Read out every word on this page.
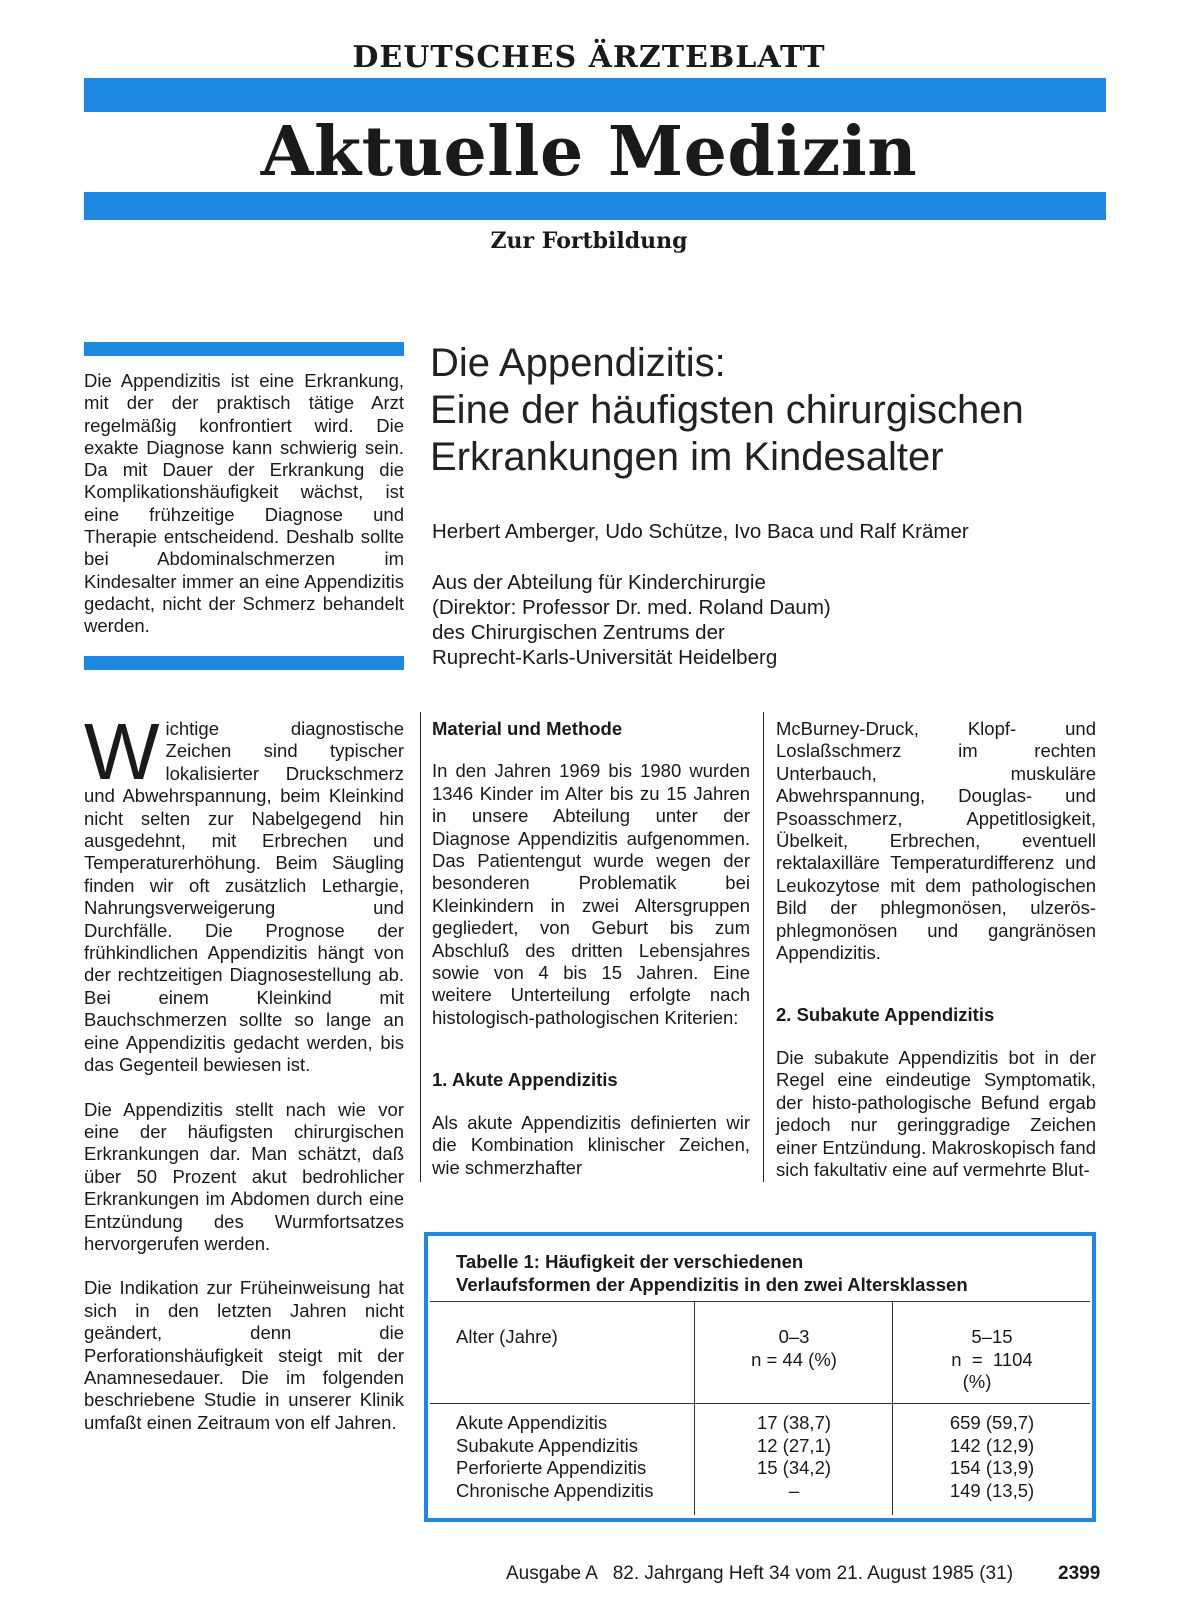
DEUTSCHES ÄRZTEBLATT
Aktuelle Medizin
Zur Fortbildung
Die Appendizitis ist eine Erkrankung, mit der der praktisch tätige Arzt regelmäßig konfrontiert wird. Die exakte Diagnose kann schwierig sein. Da mit Dauer der Erkrankung die Komplikationshäufigkeit wächst, ist eine frühzeitige Diagnose und Therapie entscheidend. Deshalb sollte bei Abdominalschmerzen im Kindesalter immer an eine Appendizitis gedacht, nicht der Schmerz behandelt werden.
Die Appendizitis:
Eine der häufigsten chirurgischen
Erkrankungen im Kindesalter
Herbert Amberger, Udo Schütze, Ivo Baca und Ralf Krämer
Aus der Abteilung für Kinderchirurgie
(Direktor: Professor Dr. med. Roland Daum)
des Chirurgischen Zentrums der
Ruprecht-Karls-Universität Heidelberg

Wichtige diagnostische Zeichen sind typischer lokalisierter Druckschmerz und Abwehrspannung, beim Kleinkind nicht selten zur Nabelgegend hin ausgedehnt, mit Erbrechen und Temperaturerhöhung. Beim Säugling finden wir oft zusätzlich Lethargie, Nahrungsverweigerung und Durchfälle. Die Prognose der frühkindlichen Appendizitis hängt von der rechtzeitigen Diagnosestellung ab. Bei einem Kleinkind mit Bauchschmerzen sollte so lange an eine Appendizitis gedacht werden, bis das Gegenteil bewiesen ist.

Die Appendizitis stellt nach wie vor eine der häufigsten chirurgischen Erkrankungen dar. Man schätzt, daß über 50 Prozent akut bedrohlicher Erkrankungen im Abdomen durch eine Entzündung des Wurmfortsatzes hervorgerufen werden.

Die Indikation zur Früheinweisung hat sich in den letzten Jahren nicht geändert, denn die Perforationshäufigkeit steigt mit der Anamnesedauer. Die im folgenden beschriebene Studie in unserer Klinik umfaßt einen Zeitraum von elf Jahren.

Material und Methode

In den Jahren 1969 bis 1980 wurden 1346 Kinder im Alter bis zu 15 Jahren in unsere Abteilung unter der Diagnose Appendizitis aufgenommen. Das Patientengut wurde wegen der besonderen Problematik bei Kleinkindern in zwei Altersgruppen gegliedert, von Geburt bis zum Abschluß des dritten Lebensjahres sowie von 4 bis 15 Jahren. Eine weitere Unterteilung erfolgte nach histologisch-pathologischen Kriterien:

1. Akute Appendizitis

Als akute Appendizitis definierten wir die Kombination klinischer Zeichen, wie schmerzhafter

McBurney-Druck, Klopf- und Loslaßschmerz im rechten Unterbauch, muskuläre Abwehrspannung, Douglas- und Psoasschmerz, Appetitlosigkeit, Übelkeit, Erbrechen, eventuell rektalaxilläre Temperaturdifferenz und Leukozytose mit dem pathologischen Bild der phlegmonösen, ulzerös-phlegmonösen und gangränösen Appendizitis.

2. Subakute Appendizitis

Die subakute Appendizitis bot in der Regel eine eindeutige Symptomatik, der histo-pathologische Befund ergab jedoch nur geringgradige Zeichen einer Entzündung. Makroskopisch fand sich fakultativ eine auf vermehrte Blut-

Tabelle 1: Häufigkeit der verschiedenen
Verlaufsformen der Appendizitis in den zwei Altersklassen
Alter (Jahre)	0–3
n = 44 (%)
5–15
n  =  1104
(%)
Akute Appendizitis
Subakute Appendizitis
Perforierte Appendizitis
Chronische Appendizitis
17 (38,7)
12 (27,1)
15 (34,2)
–
659 (59,7)
142 (12,9)
154 (13,9)
149 (13,5)
Ausgabe A   82. Jahrgang Heft 34 vom 21. August 1985 (31) 2399
